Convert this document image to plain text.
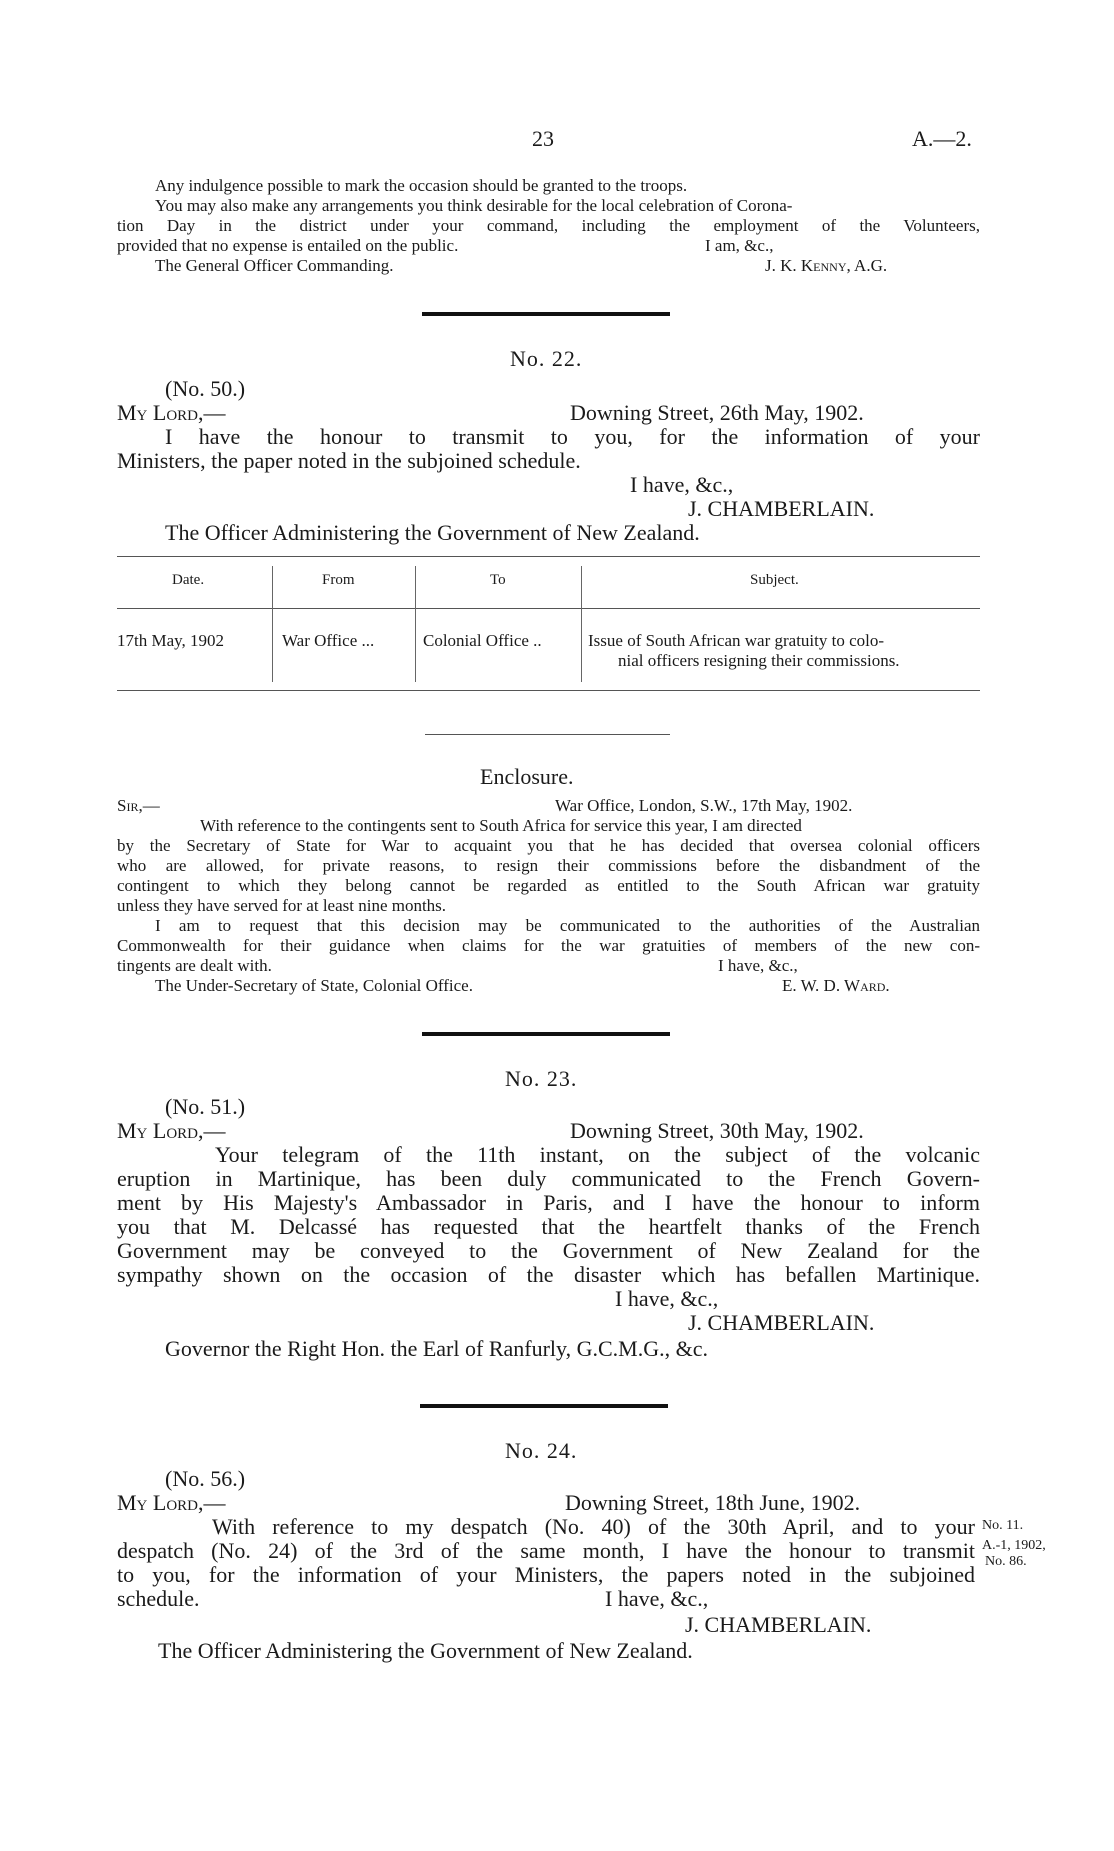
23	A.—2.
Any indulgence possible to mark the occasion should be granted to the troops.
You may also make any arrangements you think desirable for the local celebration of Corona-
tion Day in the district under your command, including the employment of the Volunteers,
provided that no expense is entailed on the public.	I am, &c.,
The General Officer Commanding.	J. K. Kenny, A.G.
No. 22.
(No. 50.)
My Lord,—	Downing Street, 26th May, 1902.
I have the honour to transmit to you, for the information of your
Ministers, the paper noted in the subjoined schedule.
I have, &c.,
J. CHAMBERLAIN.
The Officer Administering the Government of New Zealand.
Date.	From	To	Subject.
17th May, 1902	War Office ...	Colonial Office ..	Issue of South African war gratuity to colo-
nial officers resigning their commissions.
Enclosure.
Sir,—	War Office, London, S.W., 17th May, 1902.
With reference to the contingents sent to South Africa for service this year, I am directed
by the Secretary of State for War to acquaint you that he has decided that oversea colonial officers
who are allowed, for private reasons, to resign their commissions before the disbandment of the
contingent to which they belong cannot be regarded as entitled to the South African war gratuity
unless they have served for at least nine months.
I am to request that this decision may be communicated to the authorities of the Australian
Commonwealth for their guidance when claims for the war gratuities of members of the new con-
tingents are dealt with.	I have, &c.,
The Under-Secretary of State, Colonial Office.	E. W. D. Ward.
No. 23.
(No. 51.)
My Lord,—	Downing Street, 30th May, 1902.
Your telegram of the 11th instant, on the subject of the volcanic
eruption in Martinique, has been duly communicated to the French Govern-
ment by His Majesty's Ambassador in Paris, and I have the honour to inform
you that M. Delcassé has requested that the heartfelt thanks of the French
Government may be conveyed to the Government of New Zealand for the
sympathy shown on the occasion of the disaster which has befallen Martinique.
I have, &c.,
J. CHAMBERLAIN.
Governor the Right Hon. the Earl of Ranfurly, G.C.M.G., &c.
No. 24.
(No. 56.)
My Lord,—	Downing Street, 18th June, 1902.
With reference to my despatch (No. 40) of the 30th April, and to your
despatch (No. 24) of the 3rd of the same month, I have the honour to transmit
to you, for the information of your Ministers, the papers noted in the subjoined
schedule.	I have, &c.,
J. CHAMBERLAIN.
The Officer Administering the Government of New Zealand.
No. 11.
A.-1, 1902,
No. 86.
